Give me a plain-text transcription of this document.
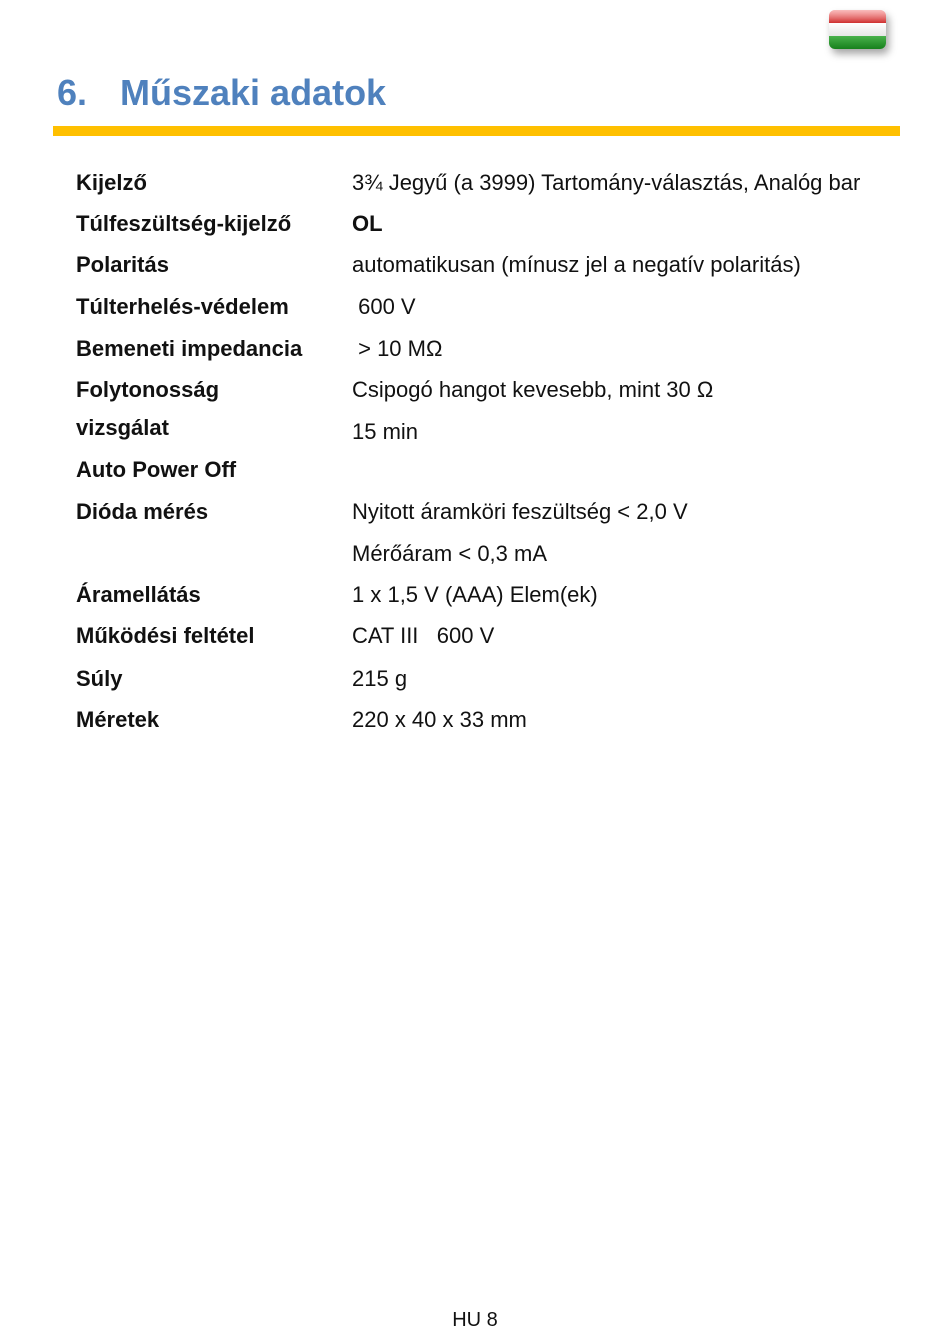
6. Műszaki adatok
Kijelző
Túlfeszültség-kijelző
Polaritás
Túlterhelés-védelem
Bemeneti impedancia
Folytonosság
vizsgálat
Auto Power Off
Dióda mérés
Áramellátás
Működési feltétel
Súly
Méretek
3¾ Jegyű (a 3999) Tartomány-választás, Analóg bar
OL
automatikusan (mínusz jel a negatív polaritás)
600 V
> 10 MΩ
Csipogó hangot kevesebb, mint 30 Ω
15 min
Nyitott áramköri feszültség < 2,0 V
Mérőáram < 0,3 mA
1 x 1,5 V (AAA) Elem(ek)
CAT III   600 V
215 g
220 x 40 x 33 mm
HU 8
